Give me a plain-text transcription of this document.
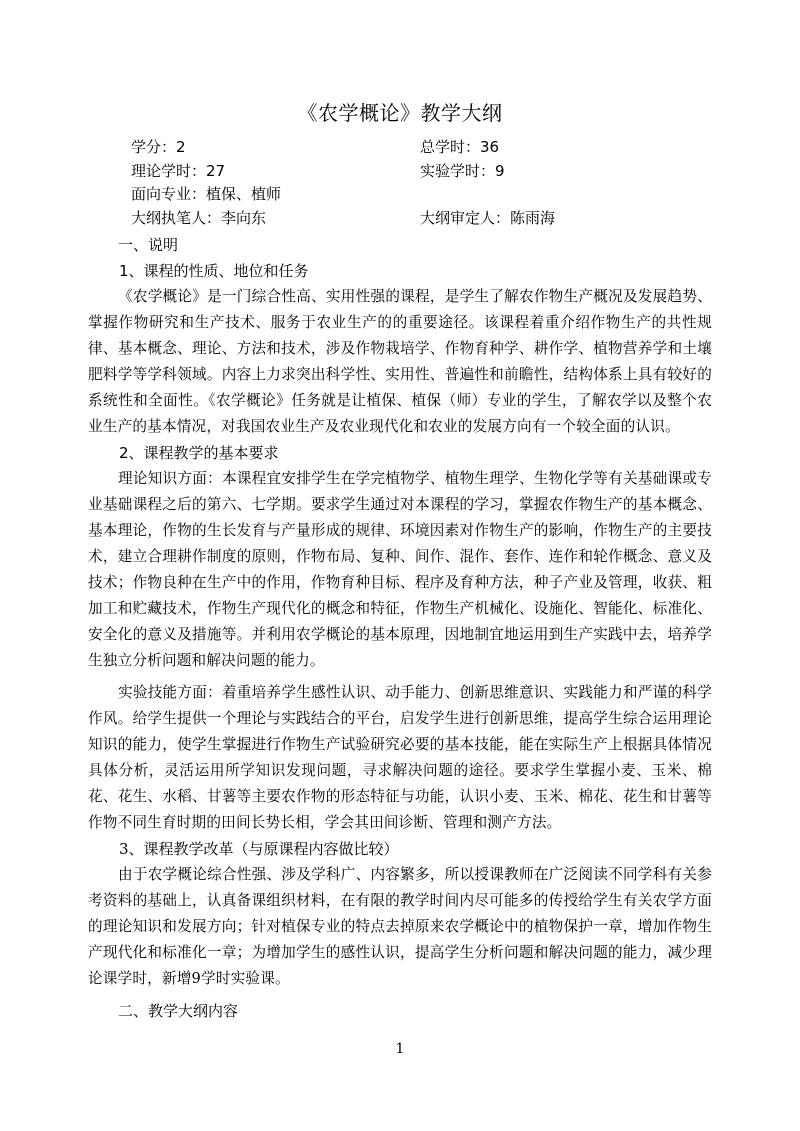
《农学概论》教学大纲
学分：2	总学时：36
理论学时：27	实验学时：9
面向专业：植保、植师
大纲执笔人：李向东	大纲审定人：陈雨海
一、说明
1、课程的性质、地位和任务

《农学概论》是一门综合性高、实用性强的课程，是学生了解农作物生产概况及发展趋势、掌握作物研究和生产技术、服务于农业生产的的重要途径。该课程着重介绍作物生产的共性规律、基本概念、理论、方法和技术，涉及作物栽培学、作物育种学、耕作学、植物营养学和土壤肥料学等学科领域。内容上力求突出科学性、实用性、普遍性和前瞻性，结构体系上具有较好的系统性和全面性。《农学概论》任务就是让植保、植保（师）专业的学生，了解农学以及整个农业生产的基本情况，对我国农业生产及农业现代化和农业的发展方向有一个较全面的认识。

2、课程教学的基本要求

理论知识方面：本课程宜安排学生在学完植物学、植物生理学、生物化学等有关基础课或专业基础课程之后的第六、七学期。要求学生通过对本课程的学习，掌握农作物生产的基本概念、基本理论，作物的生长发育与产量形成的规律、环境因素对作物生产的影响，作物生产的主要技术，建立合理耕作制度的原则，作物布局、复种、间作、混作、套作、连作和轮作概念、意义及技术；作物良种在生产中的作用，作物育种目标、程序及育种方法，种子产业及管理，收获、粗加工和贮藏技术，作物生产现代化的概念和特征，作物生产机械化、设施化、智能化、标准化、安全化的意义及措施等。并利用农学概论的基本原理，因地制宜地运用到生产实践中去，培养学生独立分析问题和解决问题的能力。

实验技能方面：着重培养学生感性认识、动手能力、创新思维意识、实践能力和严谨的科学作风。给学生提供一个理论与实践结合的平台，启发学生进行创新思维，提高学生综合运用理论知识的能力，使学生掌握进行作物生产试验研究必要的基本技能，能在实际生产上根据具体情况具体分析，灵活运用所学知识发现问题，寻求解决问题的途径。要求学生掌握小麦、玉米、棉花、花生、水稻、甘薯等主要农作物的形态特征与功能，认识小麦、玉米、棉花、花生和甘薯等作物不同生育时期的田间长势长相，学会其田间诊断、管理和测产方法。

3、课程教学改革（与原课程内容做比较）

由于农学概论综合性强、涉及学科广、内容繁多，所以授课教师在广泛阅读不同学科有关参考资料的基础上，认真备课组织材料，在有限的教学时间内尽可能多的传授给学生有关农学方面的理论知识和发展方向；针对植保专业的特点去掉原来农学概论中的植物保护一章，增加作物生产现代化和标准化一章；为增加学生的感性认识，提高学生分析问题和解决问题的能力，减少理论课学时，新增9学时实验课。

二、教学大纲内容
1
